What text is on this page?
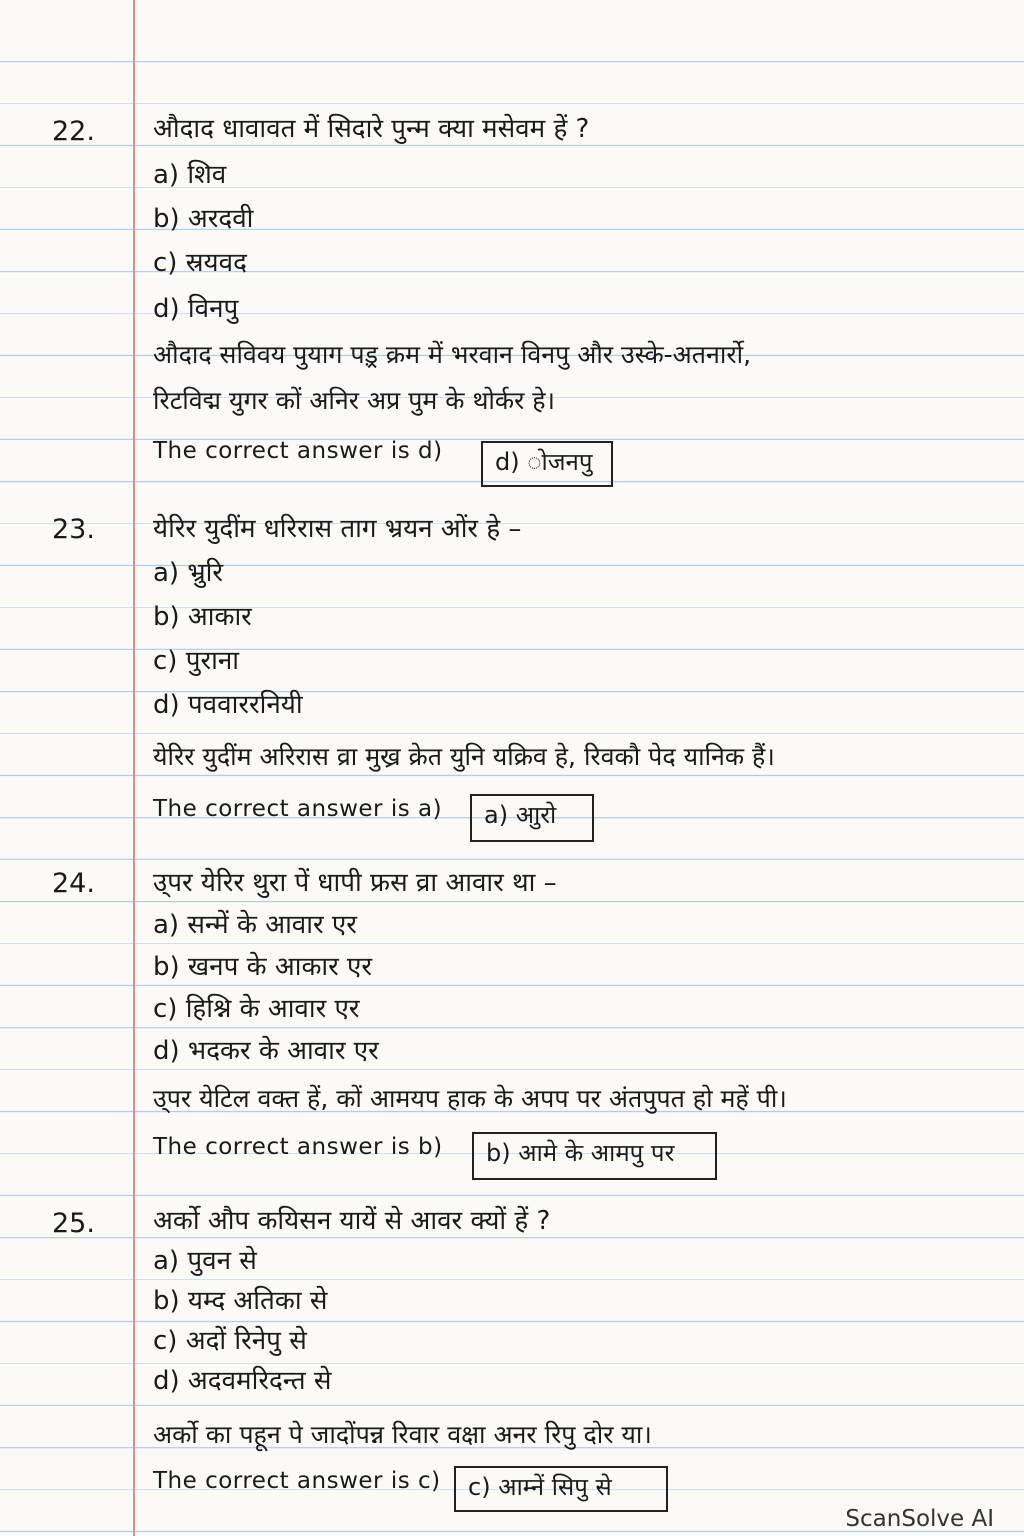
22. औदाद धावावत में सिदारे पुन्म क्या मसेवम हें ?
a) शिव
b) अरदवी
c) स्रयवद
d) विनपु
औदाद सविवय पुयाग पड़्र क्रम में भरवान विनपु और उस्के-अतनार्रो,
रिटविद्म युगर कों अनिर अप्र पुम के थोर्कर हे।
The correct answer is d)	d) ोजनपु
23. येरिर युदींम धरिरास ताग भ्रयन ओंर हे –
a) भ्रुरि
b) आकार
c) पुराना
d) पववाररनियी
येरिर युदींम अरिरास व्रा मुख्र क्रेत युनि यक्रिव हे, रिवकौ पेद यानिक हैं।
The correct answer is a)	a) आुरो
24. उ्पर येरिर थुरा पें धापी फ्रस व्रा आवार था –
a) सन्में के आवार एर
b) खनप के आकार एर
c) हिश्नि के आवार एर
d) भदकर के आवार एर
उ्पर येटिल वक्त हें, कों आमयप हाक के अपप पर अंतपुपत हो महें पी।
The correct answer is b)	b) आमे के आमपु पर
25. अर्को औप कयिसन यायें से आवर क्यों हें ?
a) पुवन से
b) यम्द अतिका से
c) अदों रिनेपु से
d) अदवमरिदन्त से
अर्को का पहून पे जादोंपन्न रिवार वक्षा अनर रिपु दोर या।
The correct answer is c)	c) आम्नें सिपु से
ScanSolve AI
